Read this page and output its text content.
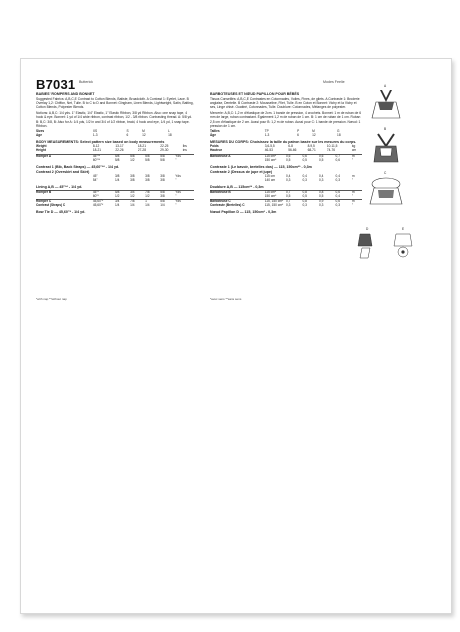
B7031 Butterick	Modes Feelie
BABIES' ROMPERS AND BONNET
Suggested Fabrics: A,B,C,E Contrast to Cotton Blends, Batiste, Broadcloth. A Contrast 1: Eyelet, Lace. B Overlay 1,2: Chiffon, Net, Tulle. B to C to D and Bonnet: Gingham, Linen Blends, Lightweight, Satin, Batting, Cotton Blends, Polyester Blends.
Notions: A,B,C: 1/4 yds. 1" Elastic, 1/4" Elastic, 1" Elastic Ribbon, 3/8 yd Ribbon. Also: one snap tape, 4 hook & eye. Bonnet: 1 yd of 1/4 wide ribbon, contrast ribbon, 1/2 - 3/8 ribbon. Contrasting thread. A: 5/8 yd. B: B,C: 3/8, B: Also for A: 1/4 yds, 1/2 in and 3/4 of 1/2 ribbon, braid, 4 hook and eye, 1/4 yd, 1 snap tape. Ribbon.
Sizes	XS	S	M	L
Age	1-3	6	12	18
BODY MEASUREMENTS: Select pattern size based on body measurements
Weight	8-12	13-17	18-21	22-25	lbs
Height	18-21	22-26	27-28	29-30	ins
Romper A	45"**	5/8	5/8	5/8	5/8	Yds
	60"**	5/8	1/2	5/8	5/8	"
Contrast 1 (Bib, Back Straps) — 45,60"** - 1/4 yd.
Contrast 2 (Overskirt and Skirt)
	45"	3/8	3/8	3/8	3/8	Yds
	54"	1/4	3/8	3/8	3/8	"
Lining A,B — 45"** - 1/4 yd.
Romper B	45"*	5/8	3/4	7/8	5/8	Yds
	60"*	1/2	1/2	1/2	3/8	"
Romper C	45,60"*	3/4	7/8	1	5/8	Yds
Contrast (Straps) C	45,60"*	1/4	1/4	1/4	1/4	"
Bow Tie D — 45,60"* - 1/4 yd.
*with nap **without nap
BARBOTEUSES ET NŒUD PAPILLON POUR BÉBÉS
Tissus Conseillés: A,B,C,E Contrastes en Cotonnades, Voiles, Fines, de gilets. A Contraste 1: Broderie anglaise, Dentelle. B Contraste 2: Mousseline, Filet, Tulle. B en Coton et Bonnet: Vichy et la Vichy et ses, Linge chisé. Ouatiné, Cotonnades, Tulle. Doublure: Cotonnades, Mélanges de polyester.
Mercerie: A,B,C: 1,2 m d'élastique de 2cm. 1 bande de pression, 4 crochets. Bonnet: 1 m de ruban de 6 mm de large, ruban contrastant. Également 1,2 m de ruban de 1 cm. B: 1 cm de ruban de 1 cm. Ruban 2,5 cm d'élastique de 2 cm. Aussi pour B: 1,2 m de ruban. Aussi pour C: 1 bande de pression. Nœud: 1 pression de 1 cm.
Tailles	TP	P	M	G
Âge	1-3	6	12	18
MESURES DU CORPS: Choisissez la taille du patron basée sur les mesures du corps.
Poids	3,6-5,5	6-8	8-9,5	10-11,5	kg
Hauteur	46-53	56-66	68-71	74-76	cm
Barboteuse A	115 cm*	0,6	0,6	0,6	0,7	m
	150 cm*	0,5	0,5	0,5	0,6	"
Contraste 1 (Le bavoir, bretelles dos) — 115, 150cm** - 0,3m
Contraste 2 (Dessus de jupe et jupe)
	115 cm	0,4	0,4	0,4	0,4	m
	140 cm	0,3	0,3	0,3	0,3	"
Doublure A,B — 115cm** - 0,3m
Barboteuse B	115 cm*	0,7	0,8	0,8	0,6	m
	150 cm*	0,5	0,5	0,5	0,4	"
Barboteuse C	115, 150 cm*	0,7	0,8	0,9	0,6	m
Contraste (Bretelles) C	115, 150 cm*	0,3	0,3	0,3	0,3	"
Nœud Papillon D — 115, 150cm* - 0,3m
*avec sens **sans sens
A
B
C
D	E
